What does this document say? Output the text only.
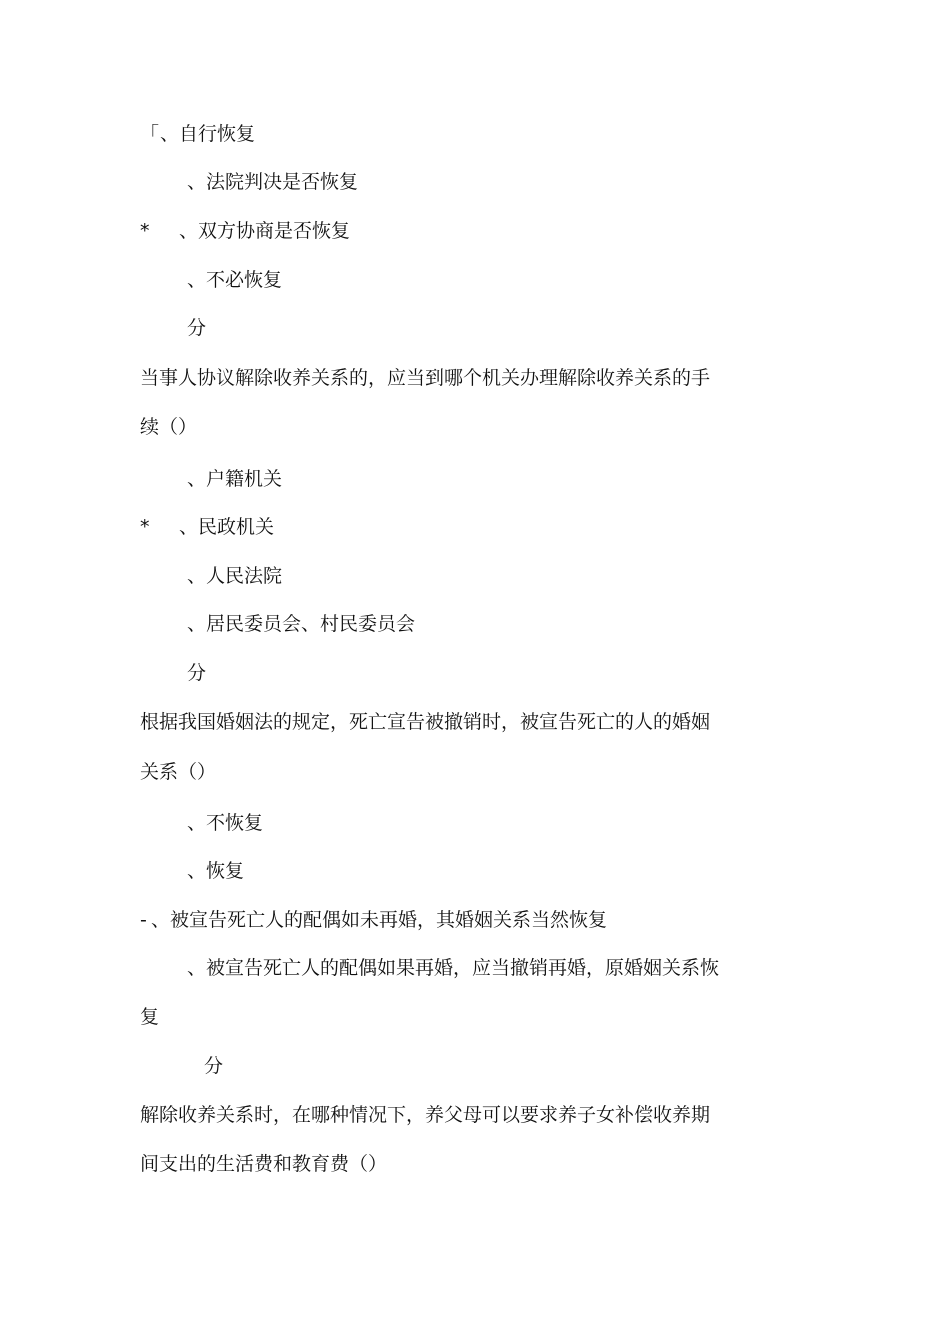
「 、自行恢复
、法院判决是否恢复
* 、双方协商是否恢复
、不必恢复
分
当事人协议解除收养关系的，应当到哪个机关办理解除收养关系的手
续（）
、户籍机关
* 、民政机关
、人民法院
、居民委员会、村民委员会
分
根据我国婚姻法的规定，死亡宣告被撤销时，被宣告死亡的人的婚姻
关系（）
、不恢复
、恢复
- 、被宣告死亡人的配偶如未再婚，其婚姻关系当然恢复
、被宣告死亡人的配偶如果再婚，应当撤销再婚，原婚姻关系恢
复
分
解除收养关系时，在哪种情况下，养父母可以要求养子女补偿收养期
间支出的生活费和教育费（）
